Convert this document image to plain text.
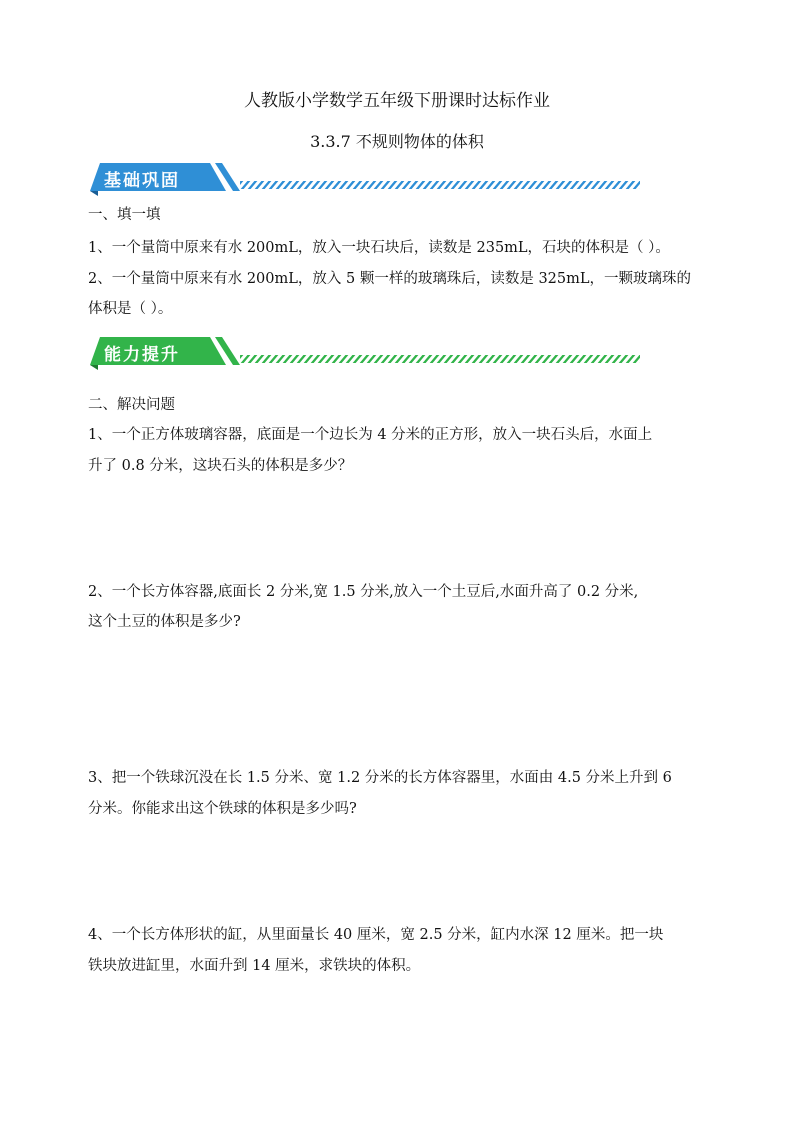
人教版小学数学五年级下册课时达标作业
3.3.7 不规则物体的体积
基础巩固
一、填一填
1、一个量筒中原来有水 200mL，放入一块石块后，读数是 235mL，石块的体积是（ ）。
2、一个量筒中原来有水 200mL，放入 5 颗一样的玻璃珠后，读数是 325mL，一颗玻璃珠的
体积是（ ）。
能力提升
二、解决问题
1、一个正方体玻璃容器，底面是一个边长为 4 分米的正方形，放入一块石头后，水面上
升了 0.8 分米，这块石头的体积是多少？
2、一个长方体容器,底面长 2 分米,宽 1.5 分米,放入一个土豆后,水面升高了 0.2 分米,
这个土豆的体积是多少?
3、把一个铁球沉没在长 1.5 分米、宽 1.2 分米的长方体容器里，水面由 4.5 分米上升到 6
分米。你能求出这个铁球的体积是多少吗?
4、一个长方体形状的缸，从里面量长 40 厘米，宽 2.5 分米，缸内水深 12 厘米。把一块
铁块放进缸里，水面升到 14 厘米，求铁块的体积。
